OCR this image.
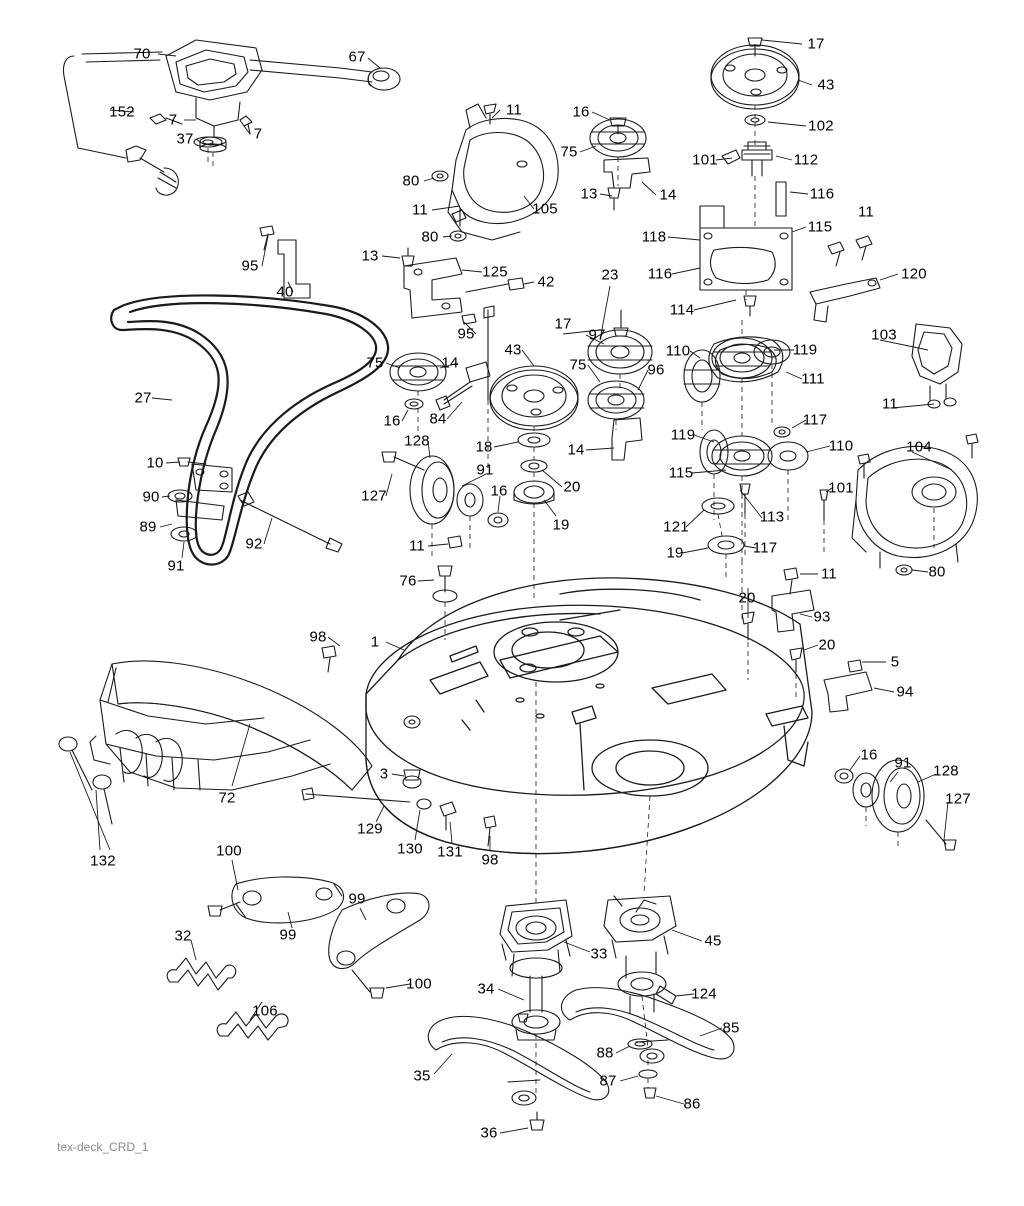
70	67
17
43
7
152
7
37
11	16
102
75	101	112
13	14	116
80
11	105	11
115
118
80
95
13
125
42	23 116	120
40
114
97
17
95	103
110	119
111
43
75	96
14
75
27	11
117
16 84
104
128	18
119
110
14
91
10
115
101
90	127	16	20
89	19	121
113
92
91
11	19	117
80
76	11
20
93
98	1	20
5
94
72
3
16 91 128
127
132
129
130 131 98
100
99
99	45
32
33
34
100
124
106
85
88
35	87
86
36
tex-deck_CRD_1
